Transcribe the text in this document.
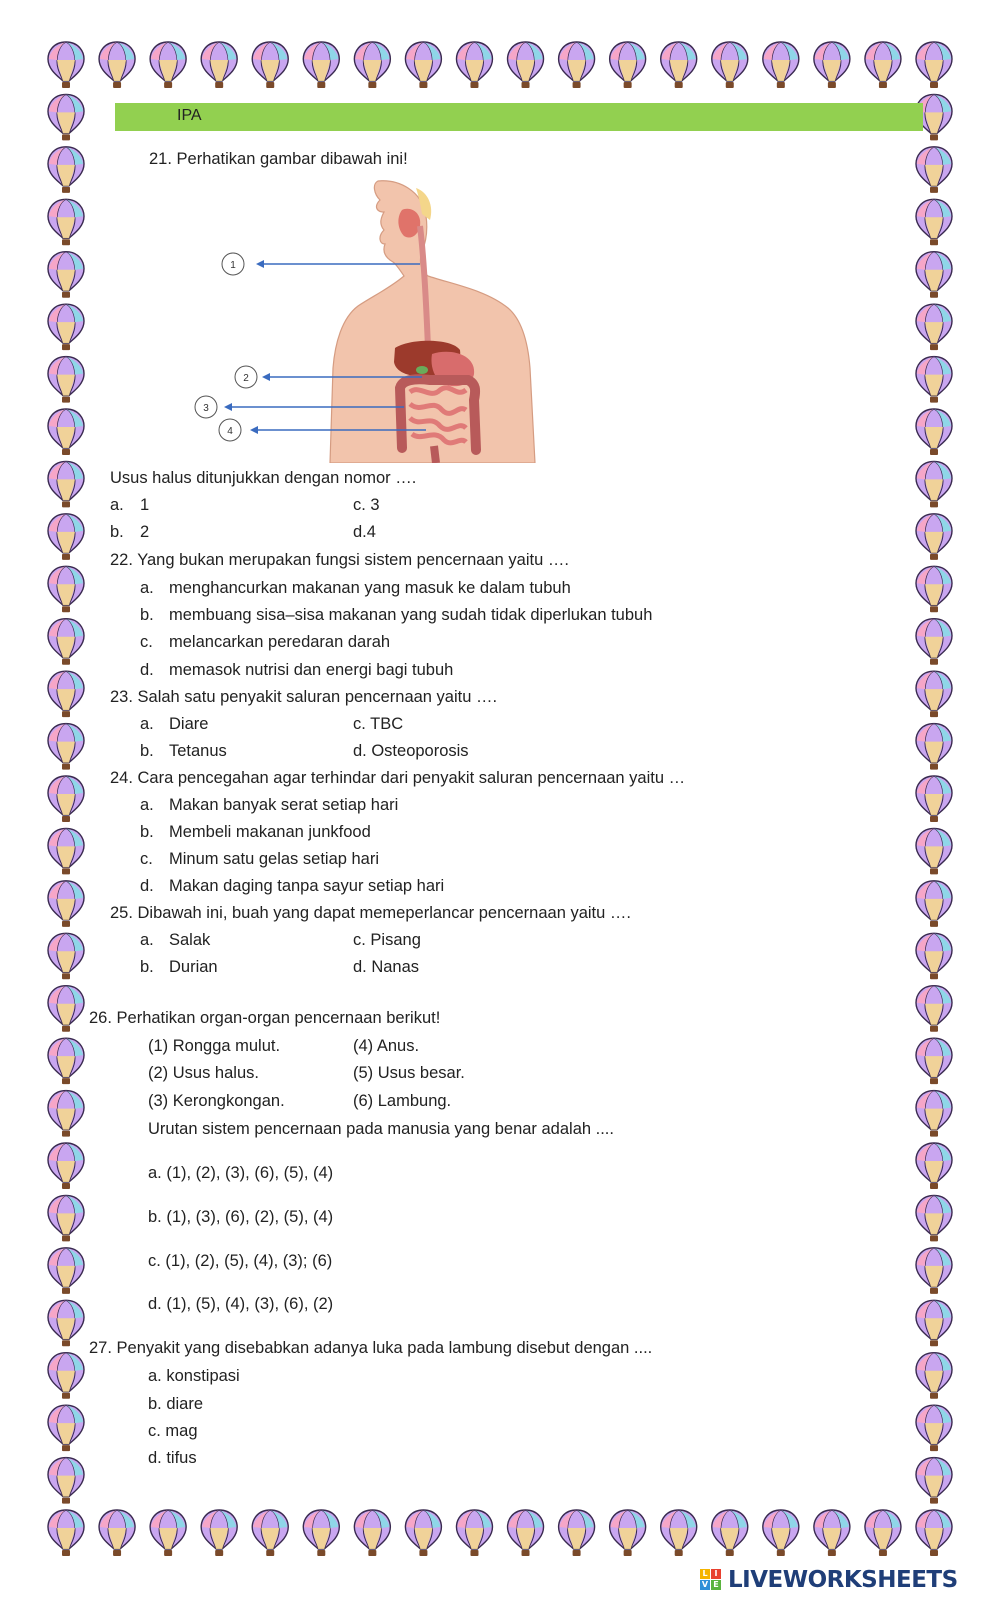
IPA
21. Perhatikan gambar dibawah ini!
1
2
3
4
Usus halus ditunjukkan dengan nomor ….
a. 1	c. 3
b. 2	d.4
22. Yang bukan merupakan fungsi sistem pencernaan yaitu ….
a. menghancurkan makanan yang masuk ke dalam tubuh
b. membuang sisa–sisa makanan yang sudah tidak diperlukan tubuh
c. melancarkan peredaran darah
d. memasok nutrisi dan energi bagi tubuh
23. Salah satu penyakit saluran pencernaan yaitu ….
a. Diare	c. TBC
b. Tetanus	d. Osteoporosis
24. Cara pencegahan agar terhindar dari penyakit saluran pencernaan yaitu …
a. Makan banyak serat setiap hari
b. Membeli makanan junkfood
c. Minum satu gelas setiap hari
d. Makan daging tanpa sayur setiap hari
25. Dibawah ini, buah yang dapat memeperlancar pencernaan yaitu ….
a. Salak	c. Pisang
b. Durian	d. Nanas
26. Perhatikan organ-organ pencernaan berikut!
(1) Rongga mulut.	(4) Anus.
(2) Usus halus.	(5) Usus besar.
(3) Kerongkongan.	(6) Lambung.
Urutan sistem pencernaan pada manusia yang benar adalah ....
a. (1), (2), (3), (6), (5), (4)
b. (1), (3), (6), (2), (5), (4)
c. (1), (2), (5), (4), (3); (6)
d. (1), (5), (4), (3), (6), (2)
27. Penyakit yang disebabkan adanya luka pada lambung disebut dengan ....
a. konstipasi
b. diare
c. mag
d. tifus
L I
V E LIVEWORKSHEETS
